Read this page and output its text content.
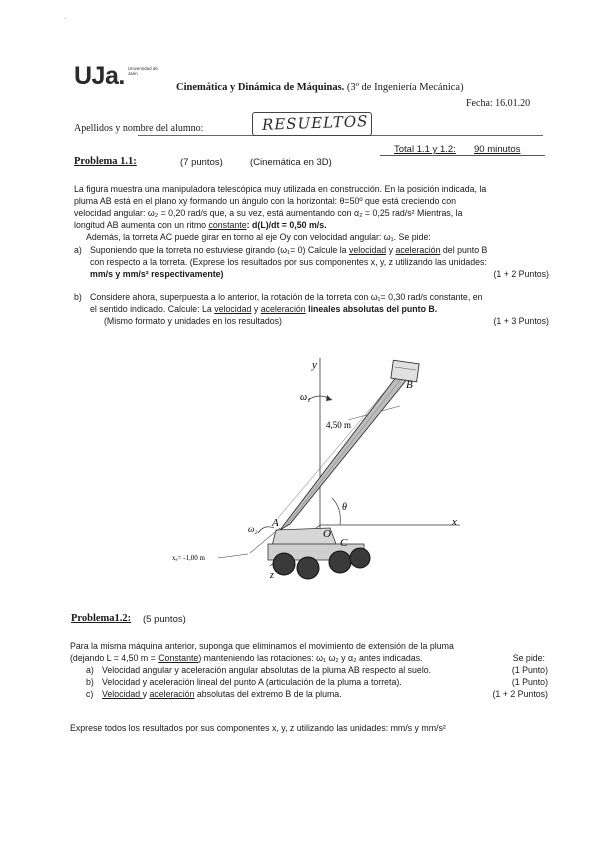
·
UJa. Universidad de Jaén
Cinemática y Dinámica de Máquinas. (3º de Ingeniería Mecánica)
Fecha: 16.01.20
Apellidos y nombre del alumno:	RESUELTOS
Total 1.1 y 1.2: 90 minutos
Problema 1.1:	(7 puntos)	(Cinemática en 3D)
La figura muestra una manipuladora telescópica muy utilizada en construcción. En la posición indicada, la
pluma AB está en el plano xy formando un ángulo con la horizontal: θ=50º que está creciendo con
velocidad angular: ω₂ = 0,20 rad/s que, a su vez, está aumentando con α₂ = 0,25 rad/s² Mientras, la
longitud AB aumenta con un ritmo constante: d(L)/dt = 0,50 m/s.
Además, la torreta AC puede girar en torno al eje Oy con velocidad angular: ω₁. Se pide:
a) Suponiendo que la torreta no estuviese girando (ω₁= 0) Calcule la velocidad y aceleración del punto B
con respecto a la torreta. (Exprese los resultados por sus componentes x, y, z utilizando las unidades:
mm/s y mm/s² respectivamente)	(1 + 2 Puntos)
b) Considere ahora, superpuesta a lo anterior, la rotación de la torreta con ω₁= 0,30 rad/s constante, en
el sentido indicado. Calcule: La velocidad y aceleración lineales absolutas del punto B.
(Mismo formato y unidades en los resultados)	(1 + 3 Puntos)
y
x
z
ω₁
4,50 m
B
θ
A
O
C
ω₂
xₐ= -1,00 m
Problema1.2: (5 puntos)
Para la misma máquina anterior, suponga que eliminamos el movimiento de extensión de la pluma
(dejando L = 4,50 m = Constante) manteniendo las rotaciones: ω₁ ω₂ y α₂ antes indicadas.	Se pide:
a) Velocidad angular y aceleración angular absolutas de la pluma AB respecto al suelo.	(1 Punto)
b) Velocidad y aceleración lineal del punto A (articulación de la pluma a torreta).	(1 Punto)
c) Velocidad y aceleración absolutas del extremo B de la pluma.	(1 + 2 Puntos)
Exprese todos los resultados por sus componentes x, y, z utilizando las unidades: mm/s y mm/s²
